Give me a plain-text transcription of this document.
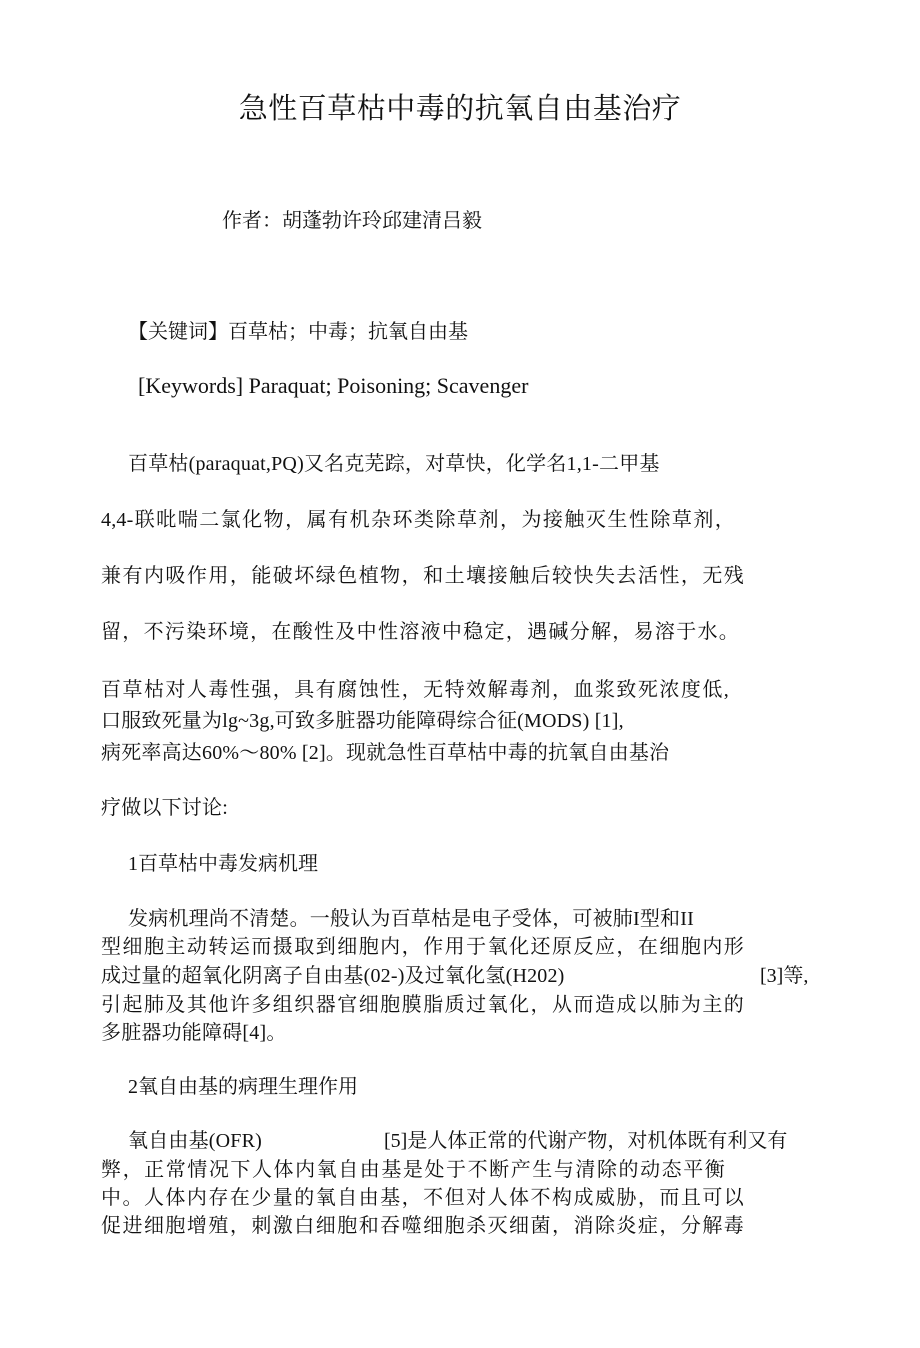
急性百草枯中毒的抗氧自由基治疗
作者：胡蓬勃许玲邱建清吕毅
【关键词】百草枯；中毒；抗氧自由基
[Keywords] Paraquat; Poisoning; Scavenger
百草枯(paraquat,PQ)又名克芜踪，对草快，化学名1,1-二甲基
4,4-联吡喘二氯化物，属有机杂环类除草剂，为接触灭生性除草剂，
兼有内吸作用，能破坏绿色植物，和土壤接触后较快失去活性，无残
留，不污染环境，在酸性及中性溶液中稳定，遇碱分解，易溶于水。
百草枯对人毒性强，具有腐蚀性，无特效解毒剂，血浆致死浓度低,
口服致死量为lg~3g,可致多脏器功能障碍综合征(MODS) [1],
病死率高达60%～80% [2]。现就急性百草枯中毒的抗氧自由基治
疗做以下讨论:
1百草枯中毒发病机理
发病机理尚不清楚。一般认为百草枯是电子受体，可被肺I型和II
型细胞主动转运而摄取到细胞内，作用于氧化还原反应，在细胞内形
成过量的超氧化阴离子自由基(02-)及过氧化氢(H202)	[3]等,
引起肺及其他许多组织器官细胞膜脂质过氧化，从而造成以肺为主的
多脏器功能障碍[4]。
2氧自由基的病理生理作用
氧自由基(OFR)	[5]是人体正常的代谢产物，对机体既有利又有
弊，正常情况下人体内氧自由基是处于不断产生与清除的动态平衡
中。人体内存在少量的氧自由基，不但对人体不构成威胁，而且可以
促进细胞增殖，刺激白细胞和吞噬细胞杀灭细菌，消除炎症，分解毒
